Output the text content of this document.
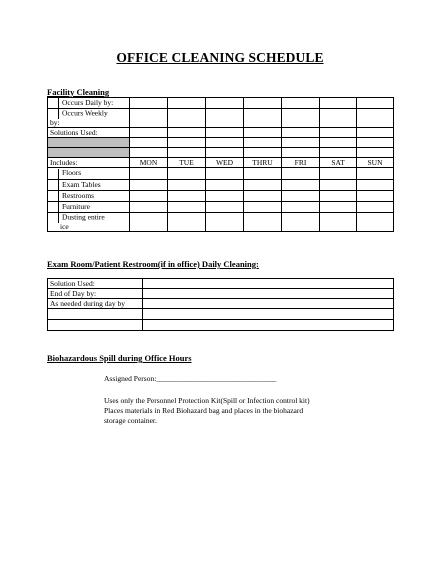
OFFICE CLEANING SCHEDULE
Facility Cleaning
Occurs Daily by:							
Occurs Weekly
by:							
Solutions Used:							

Includes:	MON	TUE	WED	THRU	FRI	SAT	SUN
Floors							
Exam Tables							
Restrooms							
Furniture							
Dusting entire
ice							
Exam Room/Patient Restroom(if in office) Daily Cleaning:
Solution Used:	
End of Day by:	
As needed during day by	

Biohazardous Spill during Office Hours
Assigned Person:________________________________
Uses only the Personnel Protection Kit(Spill or Infection control kit)
Places materials in Red Biohazard bag and places in the biohazard
storage container.
